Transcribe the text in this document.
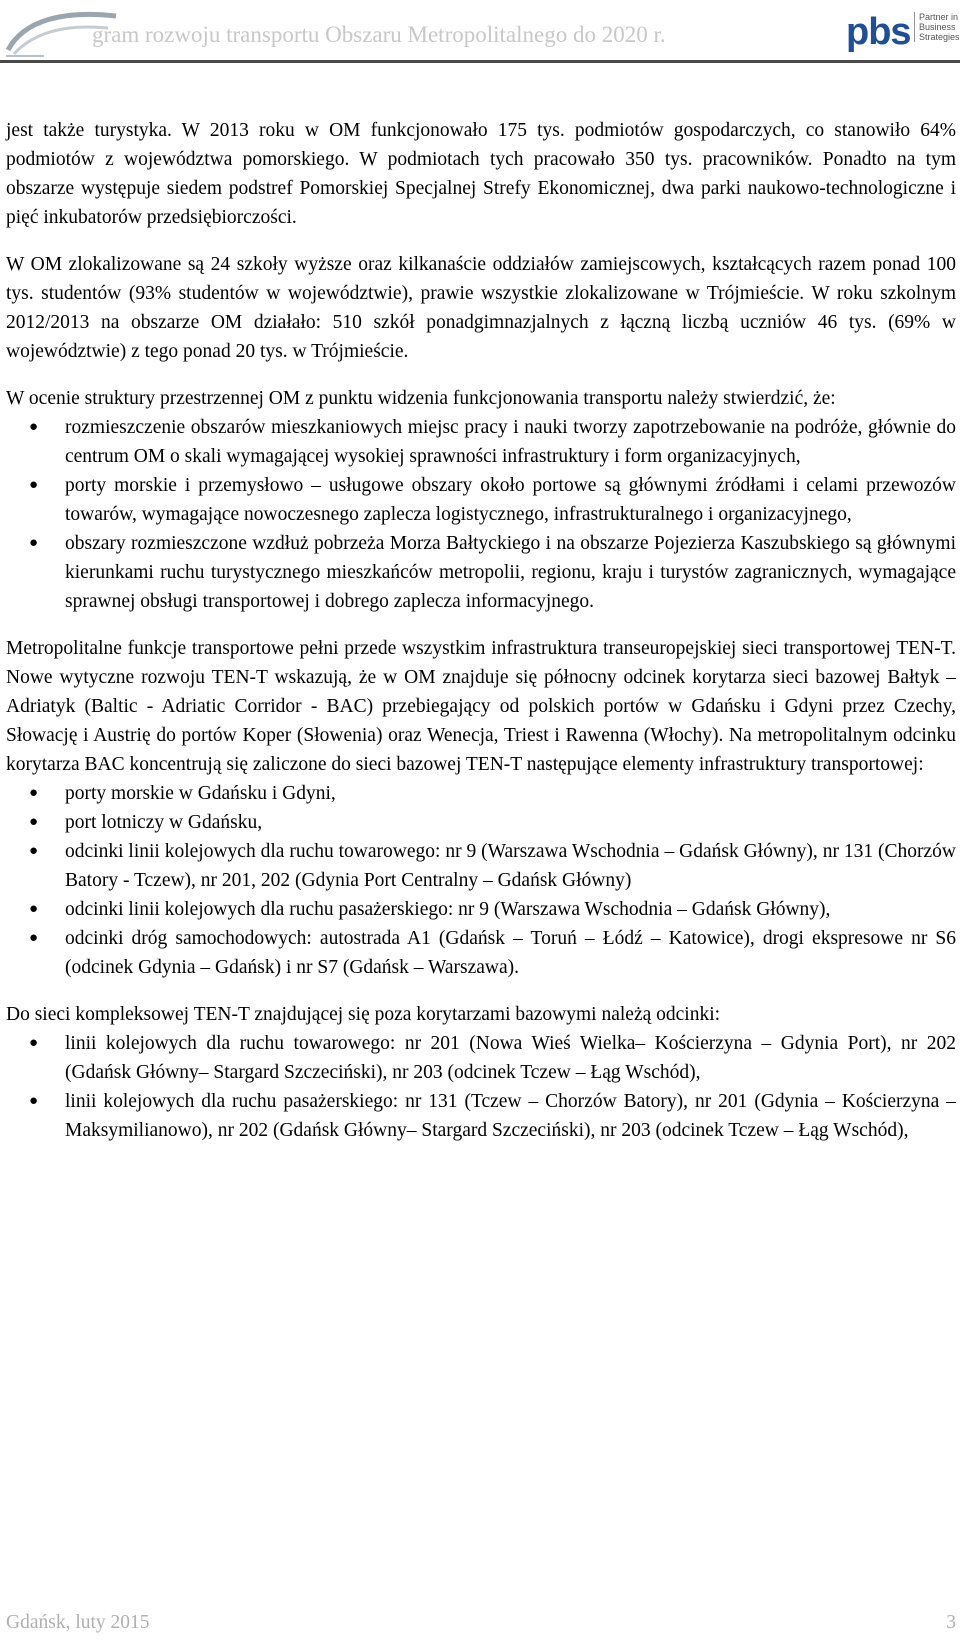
gram rozwoju transportu Obszaru Metropolitalnego do 2020 r.	pbs Partner in
Business
Strategies

jest także turystyka. W 2013 roku w OM funkcjonowało 175 tys. podmiotów gospodarczych, co stanowiło 64% podmiotów z województwa pomorskiego. W podmiotach tych pracowało 350 tys. pracowników. Ponadto na tym obszarze występuje siedem podstref Pomorskiej Specjalnej Strefy Ekonomicznej, dwa parki naukowo-technologiczne i pięć inkubatorów przedsiębiorczości.

W OM zlokalizowane są 24 szkoły wyższe oraz kilkanaście oddziałów zamiejscowych, kształcących razem ponad 100 tys. studentów (93% studentów w województwie), prawie wszystkie zlokalizowane w Trójmieście. W roku szkolnym 2012/2013 na obszarze OM działało: 510 szkół ponadgimnazjalnych z łączną liczbą uczniów 46 tys. (69% w województwie) z tego ponad 20 tys. w Trójmieście.

W ocenie struktury przestrzennej OM z punktu widzenia funkcjonowania transportu należy stwierdzić, że:

● rozmieszczenie obszarów mieszkaniowych miejsc pracy i nauki tworzy zapotrzebowanie na podróże, głównie do centrum OM o skali wymagającej wysokiej sprawności infrastruktury i form organizacyjnych,
● porty morskie i przemysłowo – usługowe obszary około portowe są głównymi źródłami i celami przewozów towarów, wymagające nowoczesnego zaplecza logistycznego, infrastrukturalnego i organizacyjnego,
● obszary rozmieszczone wzdłuż pobrzeża Morza Bałtyckiego i na obszarze Pojezierza Kaszubskiego są głównymi kierunkami ruchu turystycznego mieszkańców metropolii, regionu, kraju i turystów zagranicznych, wymagające sprawnej obsługi transportowej i dobrego zaplecza informacyjnego.

Metropolitalne funkcje transportowe pełni przede wszystkim infrastruktura transeuropejskiej sieci transportowej TEN-T. Nowe wytyczne rozwoju TEN-T wskazują, że w OM znajduje się północny odcinek korytarza sieci bazowej Bałtyk – Adriatyk (Baltic - Adriatic Corridor - BAC) przebiegający od polskich portów w Gdańsku i Gdyni przez Czechy, Słowację i Austrię do portów Koper (Słowenia) oraz Wenecja, Triest i Rawenna (Włochy). Na metropolitalnym odcinku korytarza BAC koncentrują się zaliczone do sieci bazowej TEN-T następujące elementy infrastruktury transportowej:

● porty morskie w Gdańsku i Gdyni,
● port lotniczy w Gdańsku,
● odcinki linii kolejowych dla ruchu towarowego: nr 9 (Warszawa Wschodnia – Gdańsk Główny), nr 131 (Chorzów Batory - Tczew), nr 201, 202 (Gdynia Port Centralny – Gdańsk Główny)
● odcinki linii kolejowych dla ruchu pasażerskiego: nr 9 (Warszawa Wschodnia – Gdańsk Główny),
● odcinki dróg samochodowych: autostrada A1 (Gdańsk – Toruń – Łódź – Katowice), drogi ekspresowe nr S6 (odcinek Gdynia – Gdańsk) i nr S7 (Gdańsk – Warszawa).

Do sieci kompleksowej TEN-T znajdującej się poza korytarzami bazowymi należą odcinki:

● linii kolejowych dla ruchu towarowego: nr 201 (Nowa Wieś Wielka– Kościerzyna – Gdynia Port), nr 202 (Gdańsk Główny– Stargard Szczeciński), nr 203 (odcinek Tczew – Łąg Wschód),
● linii kolejowych dla ruchu pasażerskiego: nr 131 (Tczew – Chorzów Batory), nr 201 (Gdynia – Kościerzyna – Maksymilianowo), nr 202 (Gdańsk Główny– Stargard Szczeciński), nr 203 (odcinek Tczew – Łąg Wschód),
Gdańsk, luty 2015	3
